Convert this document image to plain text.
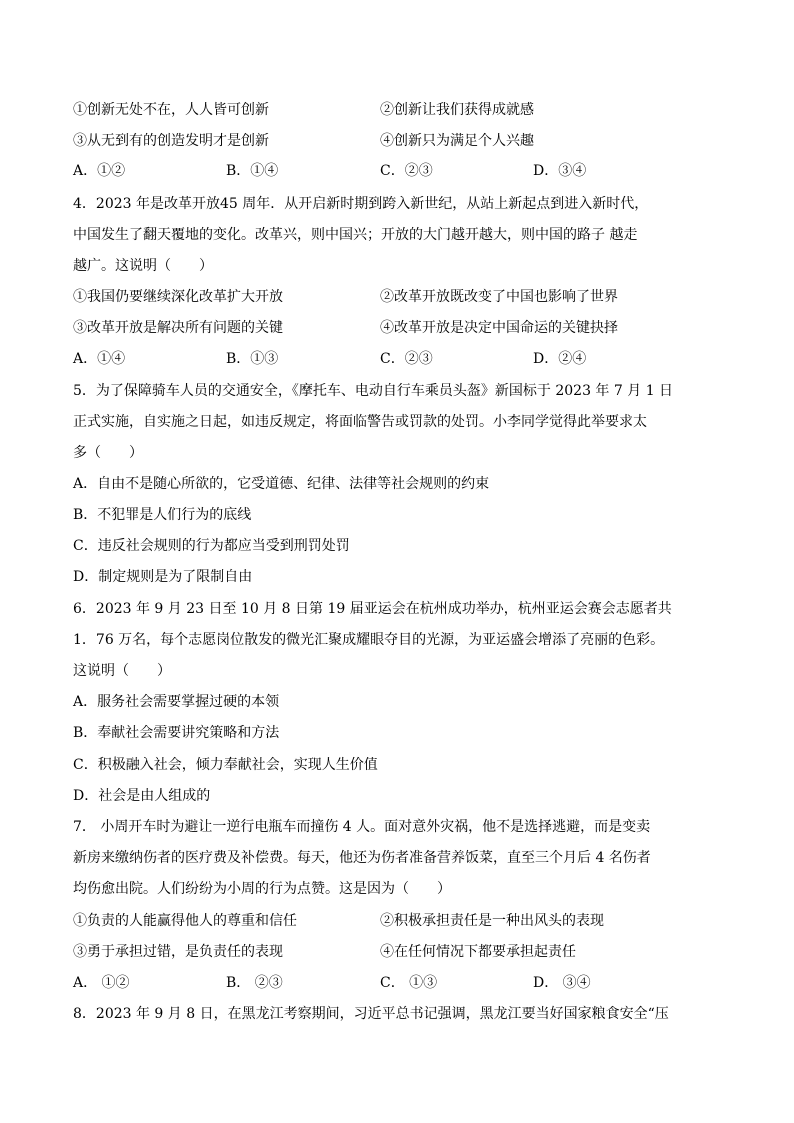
①创新无处不在，人人皆可创新	②创新让我们获得成就感
③从无到有的创造发明才是创新	④创新只为满足个人兴趣
A．①②	B．①④	C．②③	D．③④
4．2023 年是改革开放45 周年．从开启新时期到跨入新世纪，从站上新起点到进入新时代，
中国发生了翻天覆地的变化。改革兴，则中国兴；开放的大门越开越大，则中国的路子 越走
越广。这说明（　　）
①我国仍要继续深化改革扩大开放	②改革开放既改变了中国也影响了世界
③改革开放是解决所有问题的关键	④改革开放是决定中国命运的关键抉择
A．①④	B．①③	C．②③	D．②④
5．为了保障骑车人员的交通安全，《摩托车、电动自行车乘员头盔》新国标于 2023 年 7 月 1 日
正式实施，自实施之日起，如违反规定，将面临警告或罚款的处罚。小李同学觉得此举要求太
多（　　）
A．自由不是随心所欲的，它受道德、纪律、法律等社会规则的约束
B．不犯罪是人们行为的底线
C．违反社会规则的行为都应当受到刑罚处罚
D．制定规则是为了限制自由
6．2023 年 9 月 23 日至 10 月 8 日第 19 届亚运会在杭州成功举办，杭州亚运会赛会志愿者共
1．76 万名，每个志愿岗位散发的微光汇聚成耀眼夺目的光源，为亚运盛会增添了亮丽的色彩。
这说明（　　）
A．服务社会需要掌握过硬的本领
B．奉献社会需要讲究策略和方法
C．积极融入社会，倾力奉献社会，实现人生价值
D．社会是由人组成的
7． 小周开车时为避让一逆行电瓶车而撞伤 4 人。面对意外灾祸，他不是选择逃避，而是变卖
新房来缴纳伤者的医疗费及补偿费。每天，他还为伤者准备营养饭菜，直至三个月后 4 名伤者
均伤愈出院。人们纷纷为小周的行为点赞。这是因为（　　）
①负责的人能赢得他人的尊重和信任	②积极承担责任是一种出风头的表现
③勇于承担过错，是负责任的表现	④在任何情况下都要承担起责任
A． ①②	B． ②③	C． ①③	D． ③④
8．2023 年 9 月 8 日，在黑龙江考察期间，习近平总书记强调，黑龙江要当好国家粮食安全“压
